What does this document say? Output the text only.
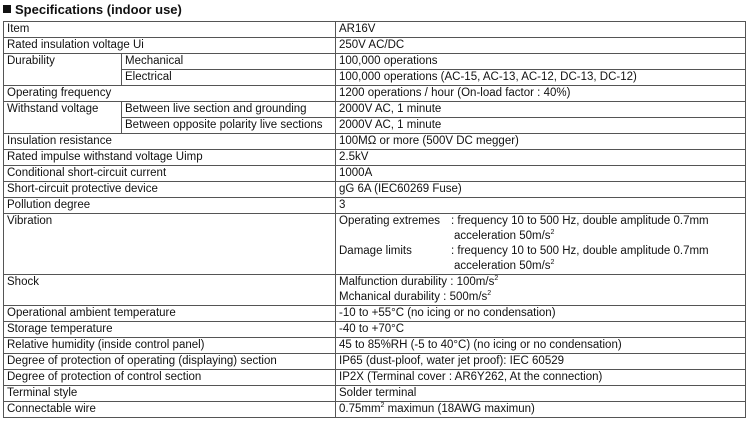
Specifications (indoor use)
Item		AR16V
Rated insulation voltage Ui		250V AC/DC
Durability	Mechanical	100,000 operations
	Electrical	100,000 operations (AC-15, AC-13, AC-12, DC-13, DC-12)
Operating frequency		1200 operations / hour (On-load factor : 40%)
Withstand voltage	Between live section and grounding	2000V AC, 1 minute
	Between opposite polarity live sections	2000V AC, 1 minute
Insulation resistance		100MΩ or more (500V DC megger)
Rated impulse withstand voltage Uimp		2.5kV
Conditional short-circuit current		1000A
Short-circuit protective device		gG 6A (IEC60269 Fuse)
Pollution degree		3
Vibration		Operating extremes : frequency 10 to 500 Hz, double amplitude 0.7mm
acceleration $50m/s^2$
Damage limits : frequency 10 to 500 Hz, double amplitude 0.7mm
acceleration $50m/s^2$

Shock		Malfunction durability : $100m/s^2$
Mchanical durability : $500m/s^2$

Operational ambient temperature		-10 to +55°C (no icing or no condensation)
Storage temperature		-40 to +70°C
Relative humidity (inside control panel)		45 to 85%RH (-5 to 40°C) (no icing or no condensation)
Degree of protection of operating (displaying) section		IP65 (dust-ploof, water jet proof): IEC 60529
Degree of protection of control section		IP2X (Terminal cover : AR6Y262, At the connection)
Terminal style		Solder terminal
Connectable wire		$0.75mm^2$ maximun (18AWG maximun)
